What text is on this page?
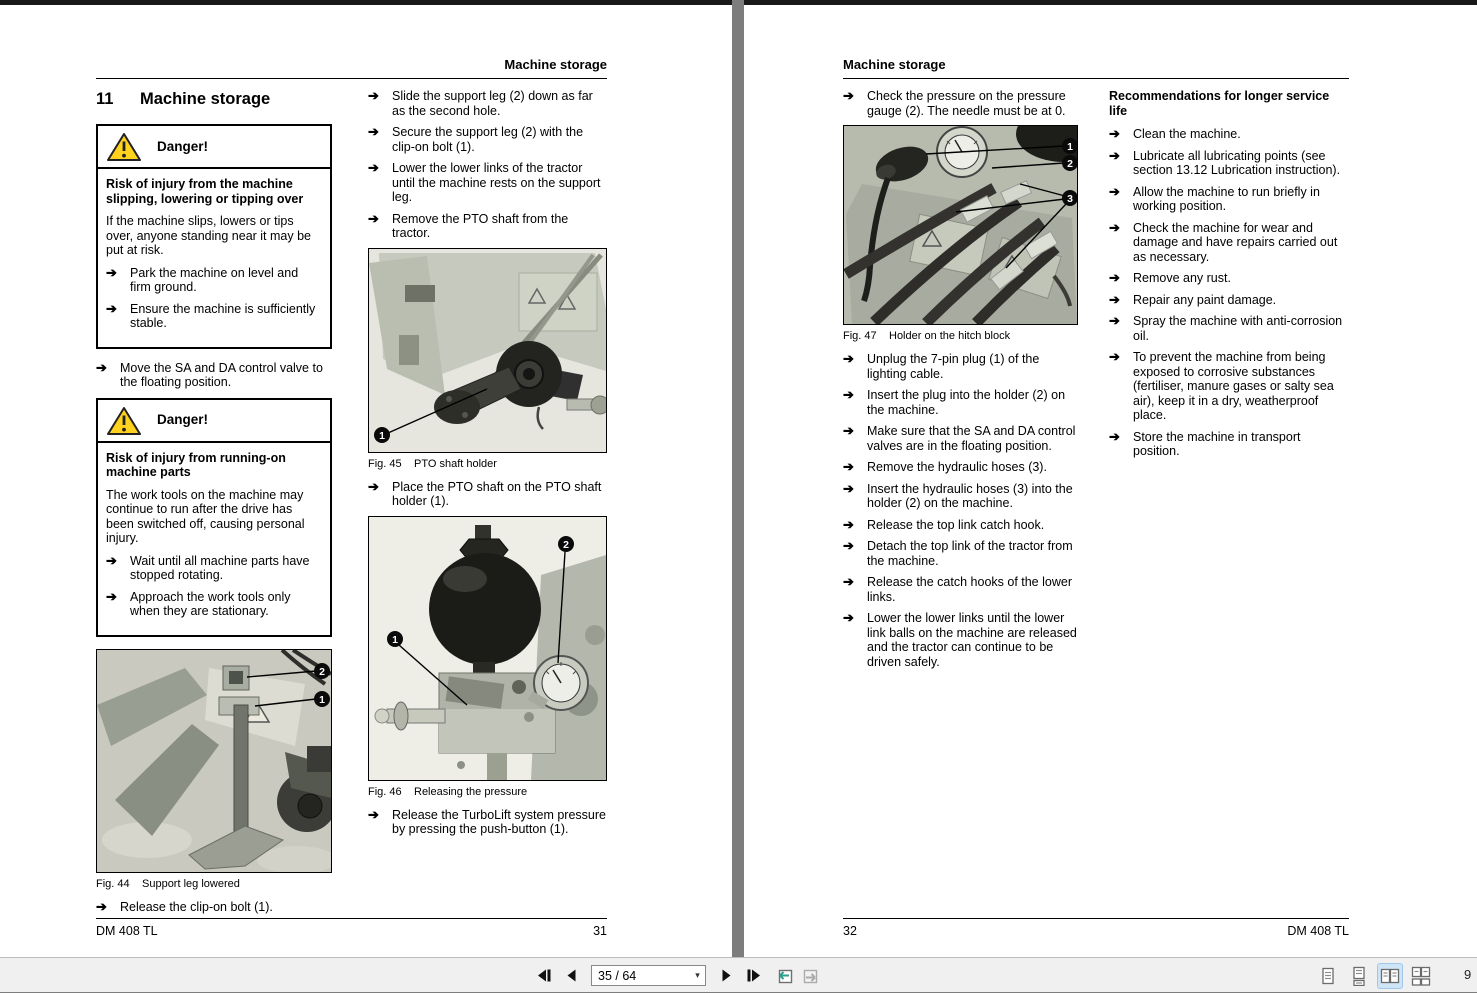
Machine storage
11	Machine storage
Danger!
Risk of injury from the machine slipping, lowering or tipping over
If the machine slips, lowers or tips over, anyone standing near it may be put at risk.
➔	Park the machine on level and firm ground.
➔	Ensure the machine is sufficiently stable.
➔	Move the SA and DA control valve to the floating position.
Danger!
Risk of injury from running-on machine parts
The work tools on the machine may continue to run after the drive has been switched off, causing personal injury.
➔	Wait until all machine parts have stopped rotating.
➔	Approach the work tools only when they are stationary.
2
1
Fig. 44	Support leg lowered
➔	Release the clip-on bolt (1).
➔	Slide the support leg (2) down as far as the second hole.
➔	Secure the support leg (2) with the clip-on bolt (1).
➔	Lower the lower links of the tractor until the machine rests on the support leg.
➔	Remove the PTO shaft from the tractor.
1
Fig. 45	PTO shaft holder
➔	Place the PTO shaft on the PTO shaft holder (1).
1
2
Fig. 46	Releasing the pressure
➔	Release the TurboLift system pressure by pressing the push-button (1).
DM 408 TL	31
Machine storage
➔	Check the pressure on the pressure gauge (2). The needle must be at 0.
1
2
3
Fig. 47	Holder on the hitch block
➔	Unplug the 7-pin plug (1) of the lighting cable.
➔	Insert the plug into the holder (2) on the machine.
➔	Make sure that the SA and DA control valves are in the floating position.
➔	Remove the hydraulic hoses (3).
➔	Insert the hydraulic hoses (3) into the holder (2) on the machine.
➔	Release the top link catch hook.
➔	Detach the top link of the tractor from the machine.
➔	Release the catch hooks of the lower links.
➔	Lower the lower links until the lower link balls on the machine are released and the tractor can continue to be driven safely.
Recommendations for longer service life
➔	Clean the machine.
➔	Lubricate all lubricating points (see section 13.12 Lubrication instruction).
➔	Allow the machine to run briefly in working position.
➔	Check the machine for wear and damage and have repairs carried out as necessary.
➔	Remove any rust.
➔	Repair any paint damage.
➔	Spray the machine with anti-corrosion oil.
➔	To prevent the machine from being exposed to corrosive substances (fertiliser, manure gases or salty sea air), keep it in a dry, weatherproof place.
➔	Store the machine in transport position.
32	DM 408 TL
35 / 64
▾	9
